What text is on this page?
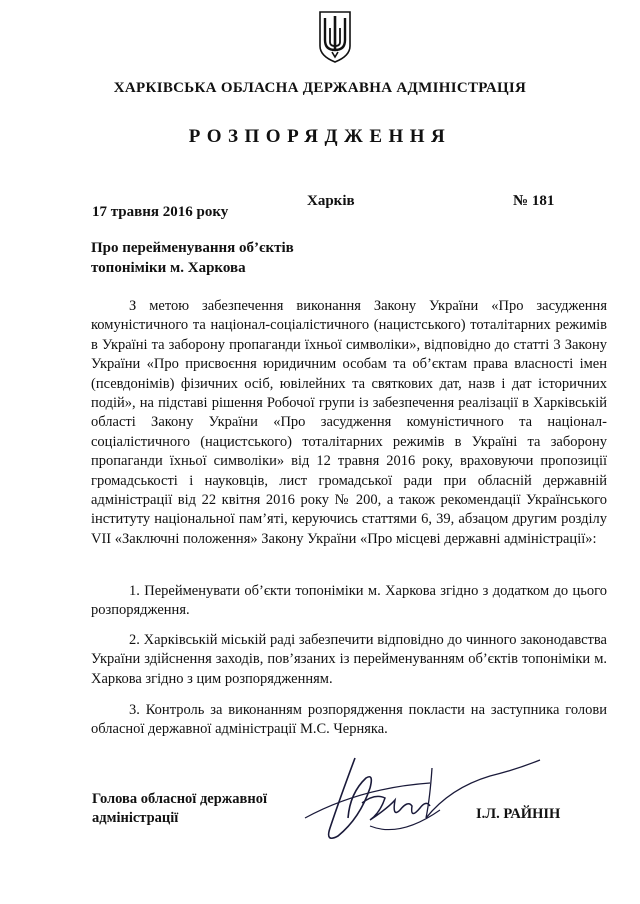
ХАРКІВСЬКА ОБЛАСНА ДЕРЖАВНА АДМІНІСТРАЦІЯ
РОЗПОРЯДЖЕННЯ
17 травня 2016 року
Харків	№ 181
Про перейменування об’єктів
топоніміки м. Харкова

З метою забезпечення виконання Закону України «Про засудження комуністичного та націонал-соціалістичного (нацистського) тоталітарних режимів в Україні та заборону пропаганди їхньої символіки», відповідно до статті 3 Закону України «Про присвоєння юридичним особам та об’єктам права власності імен (псевдонімів) фізичних осіб, ювілейних та святкових дат, назв і дат історичних подій», на підставі рішення Робочої групи із забезпечення реалізації в Харківській області Закону України «Про засудження комуністичного та націонал-соціалістичного (нацистського) тоталітарних режимів в Україні та заборону пропаганди їхньої символіки» від 12 травня 2016 року, враховуючи пропозиції громадськості і науковців, лист громадської ради при обласній державній адміністрації від 22 квітня 2016 року № 200, а також рекомендації Українського інституту національної пам’яті, керуючись статтями 6, 39, абзацом другим розділу VII «Заключні положення» Закону України «Про місцеві державні адміністрації»:

1. Перейменувати об’єкти топоніміки м. Харкова згідно з додатком до цього розпорядження.

2. Харківській міській раді забезпечити відповідно до чинного законодавства України здійснення заходів, пов’язаних із перейменуванням об’єктів топоніміки м. Харкова згідно з цим розпорядженням.

3. Контроль за виконанням розпорядження покласти на заступника голови обласної державної адміністрації М.С. Черняка.

Голова обласної державної
адміністрації	І.Л. РАЙНІН
